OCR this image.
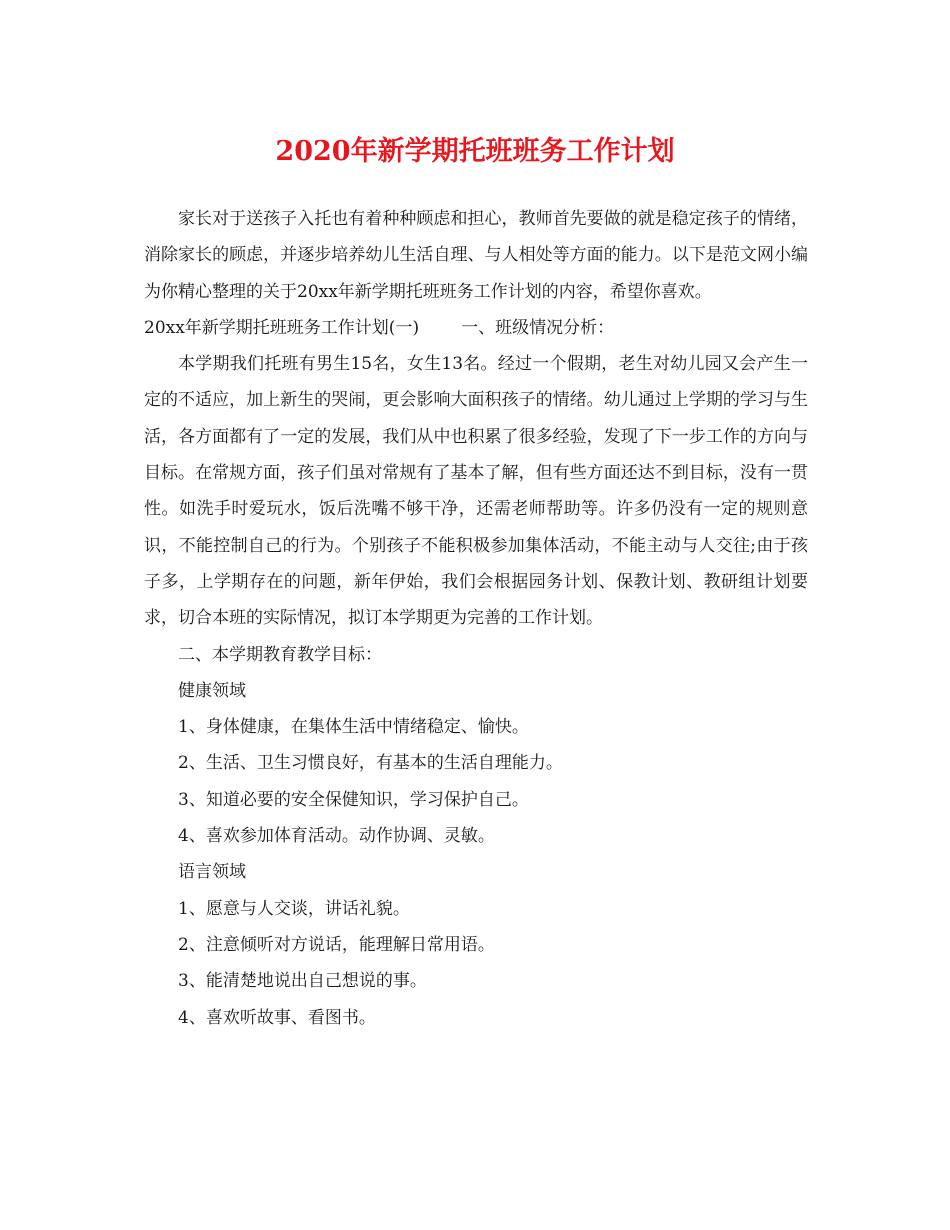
2020年新学期托班班务工作计划

家长对于送孩子入托也有着种种顾虑和担心，教师首先要做的就是稳定孩子的情绪，消除家长的顾虑，并逐步培养幼儿生活自理、与人相处等方面的能力。以下是范文网小编为你精心整理的关于20xx年新学期托班班务工作计划的内容，希望你喜欢。

20xx年新学期托班班务工作计划(一) 一、班级情况分析：

本学期我们托班有男生15名，女生13名。经过一个假期，老生对幼儿园又会产生一定的不适应，加上新生的哭闹，更会影响大面积孩子的情绪。幼儿通过上学期的学习与生活，各方面都有了一定的发展，我们从中也积累了很多经验，发现了下一步工作的方向与目标。在常规方面，孩子们虽对常规有了基本了解，但有些方面还达不到目标，没有一贯性。如洗手时爱玩水，饭后洗嘴不够干净，还需老师帮助等。许多仍没有一定的规则意识，不能控制自己的行为。个别孩子不能积极参加集体活动，不能主动与人交往;由于孩子多，上学期存在的问题，新年伊始，我们会根据园务计划、保教计划、教研组计划要求，切合本班的实际情况，拟订本学期更为完善的工作计划。

二、本学期教育教学目标：

健康领域

1、身体健康，在集体生活中情绪稳定、愉快。

2、生活、卫生习惯良好，有基本的生活自理能力。

3、知道必要的安全保健知识，学习保护自己。

4、喜欢参加体育活动。动作协调、灵敏。

语言领域

1、愿意与人交谈，讲话礼貌。

2、注意倾听对方说话，能理解日常用语。

3、能清楚地说出自己想说的事。

4、喜欢听故事、看图书。
